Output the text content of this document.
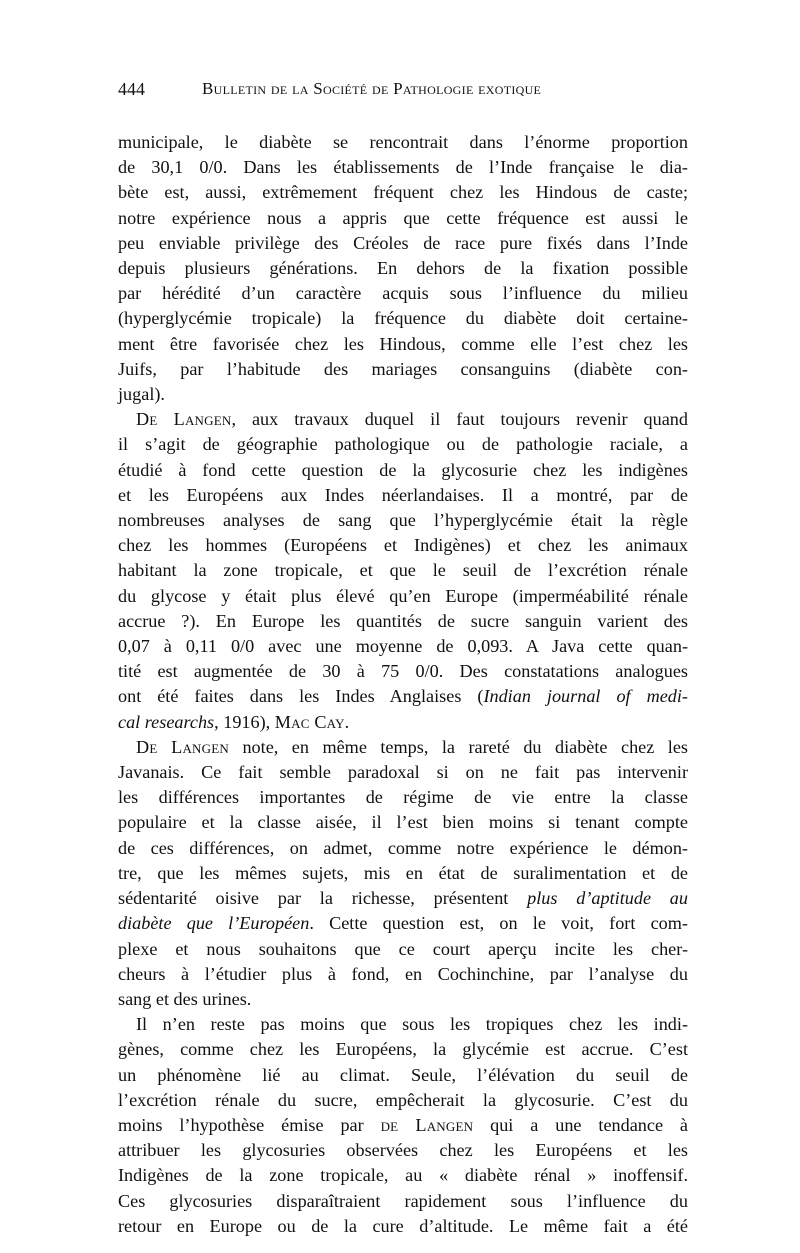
444	Bulletin de la Société de Pathologie exotique
municipale, le diabète se rencontrait dans l’énorme proportion
de 30,1 0/0. Dans les établissements de l’Inde française le dia-
bète est, aussi, extrêmement fréquent chez les Hindous de caste;
notre expérience nous a appris que cette fréquence est aussi le
peu enviable privilège des Créoles de race pure fixés dans l’Inde
depuis plusieurs générations. En dehors de la fixation possible
par hérédité d’un caractère acquis sous l’influence du milieu
(hyperglycémie tropicale) la fréquence du diabète doit certaine-
ment être favorisée chez les Hindous, comme elle l’est chez les
Juifs, par l’habitude des mariages consanguins (diabète con-
jugal).
De Langen, aux travaux duquel il faut toujours revenir quand
il s’agit de géographie pathologique ou de pathologie raciale, a
étudié à fond cette question de la glycosurie chez les indigènes
et les Européens aux Indes néerlandaises. Il a montré, par de
nombreuses analyses de sang que l’hyperglycémie était la règle
chez les hommes (Européens et Indigènes) et chez les animaux
habitant la zone tropicale, et que le seuil de l’excrétion rénale
du glycose y était plus élevé qu’en Europe (imperméabilité rénale
accrue ?). En Europe les quantités de sucre sanguin varient des
0,07 à 0,11 0/0 avec une moyenne de 0,093. A Java cette quan-
tité est augmentée de 30 à 75 0/0. Des constatations analogues
ont été faites dans les Indes Anglaises (Indian journal of medi-
cal researchs, 1916), Mac Cay.
De Langen note, en même temps, la rareté du diabète chez les
Javanais. Ce fait semble paradoxal si on ne fait pas intervenir
les différences importantes de régime de vie entre la classe
populaire et la classe aisée, il l’est bien moins si tenant compte
de ces différences, on admet, comme notre expérience le démon-
tre, que les mêmes sujets, mis en état de suralimentation et de
sédentarité oisive par la richesse, présentent plus d’aptitude au
diabète que l’Européen. Cette question est, on le voit, fort com-
plexe et nous souhaitons que ce court aperçu incite les cher-
cheurs à l’étudier plus à fond, en Cochinchine, par l’analyse du
sang et des urines.
Il n’en reste pas moins que sous les tropiques chez les indi-
gènes, comme chez les Européens, la glycémie est accrue. C’est
un phénomène lié au climat. Seule, l’élévation du seuil de
l’excrétion rénale du sucre, empêcherait la glycosurie. C’est du
moins l’hypothèse émise par de Langen qui a une tendance à
attribuer les glycosuries observées chez les Européens et les
Indigènes de la zone tropicale, au « diabète rénal » inoffensif.
Ces glycosuries disparaîtraient rapidement sous l’influence du
retour en Europe ou de la cure d’altitude. Le même fait a été
